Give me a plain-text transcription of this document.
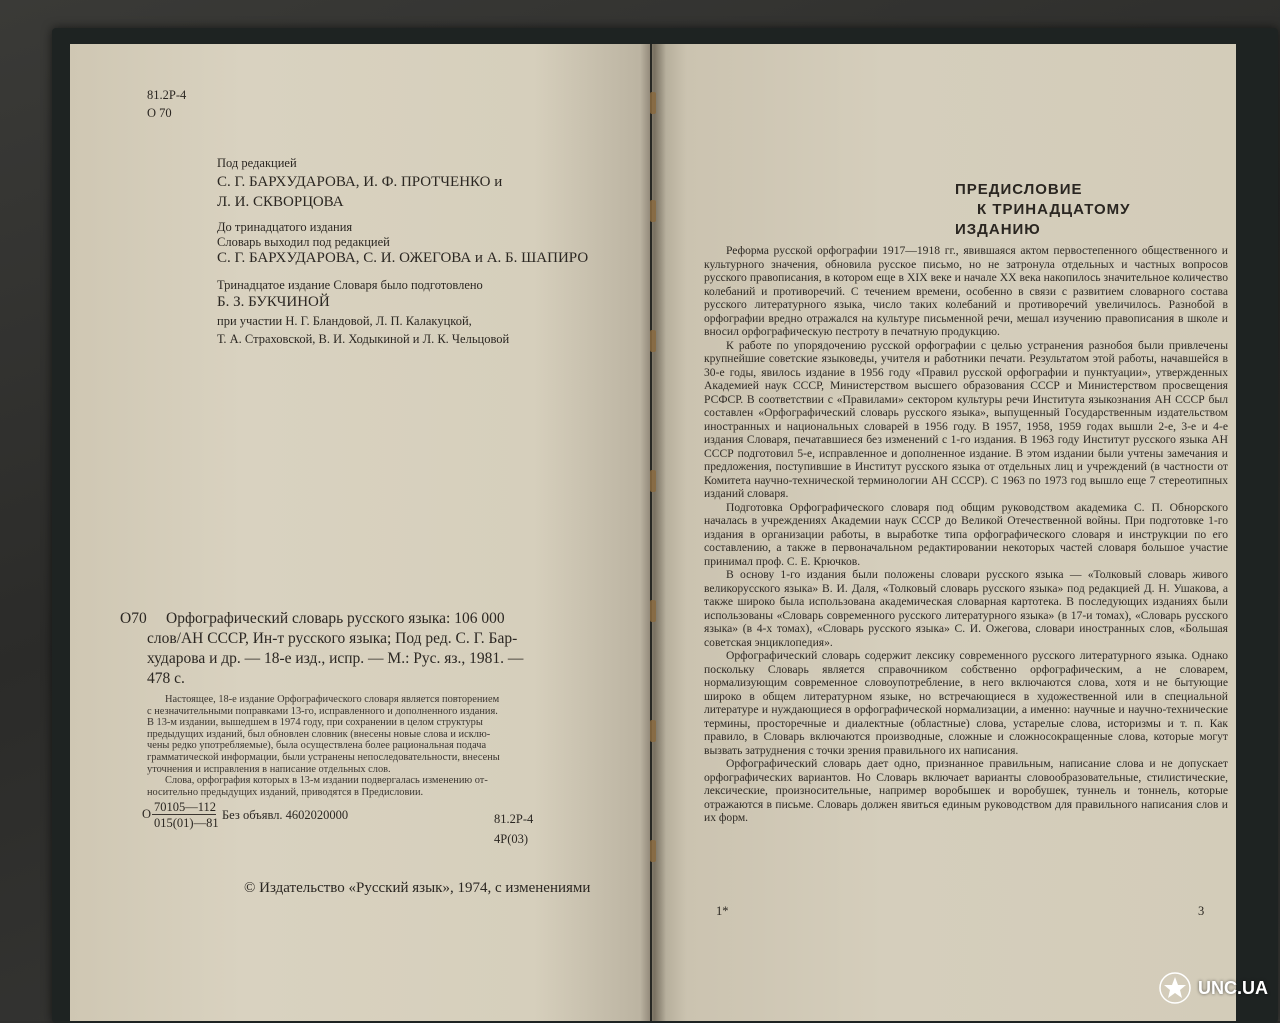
81.2Р-4
О 70
Под редакцией
С. Г. БАРХУДАРОВА, И. Ф. ПРОТЧЕНКО и
Л. И. СКВОРЦОВА
До тринадцатого издания
Словарь выходил под редакцией
С. Г. БАРХУДАРОВА, С. И. ОЖЕГОВА и А. Б. ШАПИРО
Тринадцатое издание Словаря было подготовлено
Б. З. БУКЧИНОЙ
при участии Н. Г. Бландовой, Л. П. Калакуцкой,
Т. А. Страховской, В. И. Ходыкиной и Л. К. Чельцовой
О70 Орфографический словарь русского языка: 106 000
слов/АН СССР, Ин-т русского языка; Под ред. С. Г. Бар-
хударова и др. — 18-е изд., испр. — М.: Рус. яз., 1981. —
478 с.
Настоящее, 18-е издание Орфографического словаря является повторением
с незначительными поправками 13-го, исправленного и дополненного издания.
В 13-м издании, вышедшем в 1974 году, при сохранении в целом структуры
предыдущих изданий, был обновлен словник (внесены новые слова и исклю-
чены редко употребляемые), была осуществлена более рациональная подача
грамматической информации, были устранены непоследовательности, внесены
уточнения и исправления в написание отдельных слов.
Слова, орфография которых в 13-м издании подвергалась изменению от-
носительно предыдущих изданий, приводятся в Предисловии.
О 70105—112
015(01)—81
Без объявл. 4602020000	81.2Р-4
4Р(03)
© Издательство «Русский язык», 1974, с изменениями
ПРЕДИСЛОВИЕ
К ТРИНАДЦАТОМУ
ИЗДАНИЮ

Реформа русской орфографии 1917—1918 гг., явившаяся актом первостепенного общественного и культурного значения, обновила русское письмо, но не затронула отдельных и частных вопросов русского правописания, в котором еще в XIX веке и начале XX века накопилось значительное количество колебаний и противоречий. С течением времени, особенно в связи с развитием словарного состава русского литературного языка, число таких колебаний и противоречий увеличилось. Разнобой в орфографии вредно отражался на культуре письменной речи, мешал изучению правописания в школе и вносил орфографическую пестроту в печатную продукцию.

К работе по упорядочению русской орфографии с целью устранения разнобоя были привлечены крупнейшие советские языковеды, учителя и работники печати. Результатом этой работы, начавшейся в 30-е годы, явилось издание в 1956 году «Правил русской орфографии и пунктуации», утвержденных Академией наук СССР, Министерством высшего образования СССР и Министерством просвещения РСФСР. В соответствии с «Правилами» сектором культуры речи Института языкознания АН СССР был составлен «Орфографический словарь русского языка», выпущенный Государственным издательством иностранных и национальных словарей в 1956 году. В 1957, 1958, 1959 годах вышли 2-е, 3-е и 4-е издания Словаря, печатавшиеся без изменений с 1-го издания. В 1963 году Институт русского языка АН СССР подготовил 5-е, исправленное и дополненное издание. В этом издании были учтены замечания и предложения, поступившие в Институт русского языка от отдельных лиц и учреждений (в частности от Комитета научно-технической терминологии АН СССР). С 1963 по 1973 год вышло еще 7 стереотипных изданий словаря.

Подготовка Орфографического словаря под общим руководством академика С. П. Обнорского началась в учреждениях Академии наук СССР до Великой Отечественной войны. При подготовке 1-го издания в организации работы, в выработке типа орфографического словаря и инструкции по его составлению, а также в первоначальном редактировании некоторых частей словаря большое участие принимал проф. С. Е. Крючков.

В основу 1-го издания были положены словари русского языка — «Толковый словарь живого великорусского языка» В. И. Даля, «Толковый словарь русского языка» под редакцией Д. Н. Ушакова, а также широко была использована академическая словарная картотека. В последующих изданиях были использованы «Словарь современного русского литературного языка» (в 17-и томах), «Словарь русского языка» (в 4-х томах), «Словарь русского языка» С. И. Ожегова, словари иностранных слов, «Большая советская энциклопедия».

Орфографический словарь содержит лексику современного русского литературного языка. Однако поскольку Словарь является справочником собственно орфографическим, а не словарем, нормализующим современное словоупотребление, в него включаются слова, хотя и не бытующие широко в общем литературном языке, но встречающиеся в художественной или в специальной литературе и нуждающиеся в орфографической нормализации, а именно: научные и научно-технические термины, просторечные и диалектные (областные) слова, устарелые слова, историзмы и т. п. Как правило, в Словарь включаются производные, сложные и сложносокращенные слова, которые могут вызвать затруднения с точки зрения правильного их написания.

Орфографический словарь дает одно, признанное правильным, написание слова и не допускает орфографических вариантов. Но Словарь включает варианты словообразовательные, стилистические, лексические, произносительные, например воробышек и воробушек, туннель и тоннель, которые отражаются в письме. Словарь должен явиться единым руководством для правильного написания слов и их форм.

1*	3
UNC.UA
